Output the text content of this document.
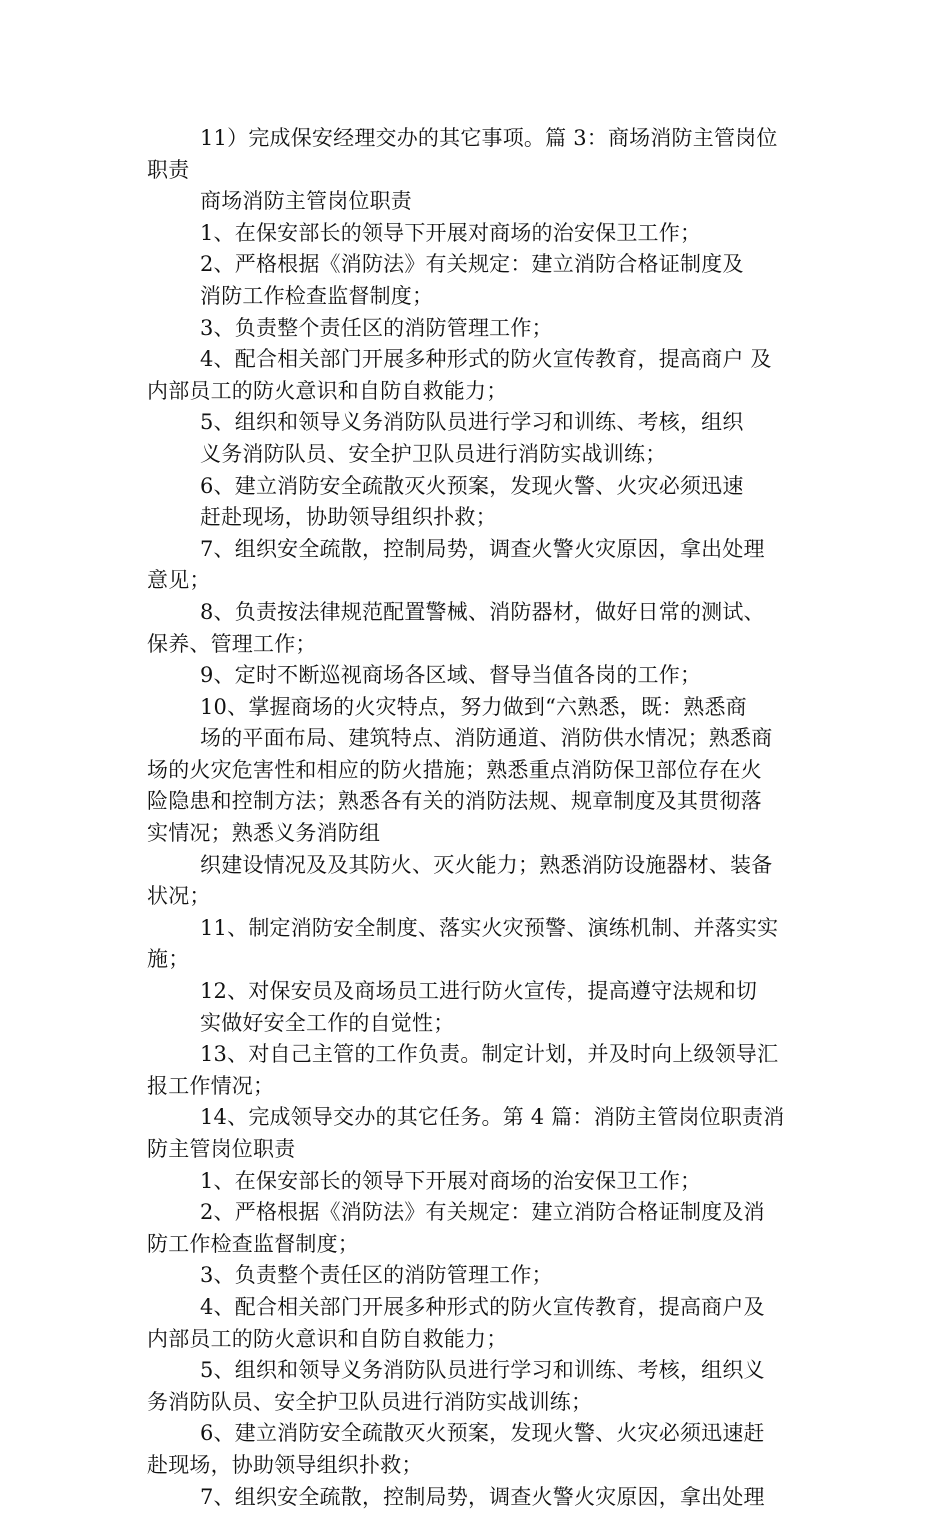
11）完成保安经理交办的其它事项。篇 3：商场消防主管岗位
职责
商场消防主管岗位职责
1、在保安部长的领导下开展对商场的治安保卫工作；
2、严格根据《消防法》有关规定：建立消防合格证制度及
消防工作检查监督制度；
3、负责整个责任区的消防管理工作；
4、配合相关部门开展多种形式的防火宣传教育，提高商户 及
内部员工的防火意识和自防自救能力；
5、组织和领导义务消防队员进行学习和训练、考核，组织
义务消防队员、安全护卫队员进行消防实战训练；
6、建立消防安全疏散灭火预案，发现火警、火灾必须迅速
赶赴现场，协助领导组织扑救；
7、组织安全疏散，控制局势，调查火警火灾原因，拿出处理
意见；
8、负责按法律规范配置警械、消防器材，做好日常的测试、
保养、管理工作；
9、定时不断巡视商场各区域、督导当值各岗的工作；
10、掌握商场的火灾特点，努力做到“六熟悉，既：熟悉商
场的平面布局、建筑特点、消防通道、消防供水情况；熟悉商
场的火灾危害性和相应的防火措施；熟悉重点消防保卫部位存在火
险隐患和控制方法；熟悉各有关的消防法规、规章制度及其贯彻落
实情况；熟悉义务消防组
织建设情况及及其防火、灭火能力；熟悉消防设施器材、装备
状况；
11、制定消防安全制度、落实火灾预警、演练机制、并落实实
施；
12、对保安员及商场员工进行防火宣传，提高遵守法规和切
实做好安全工作的自觉性；
13、对自己主管的工作负责。制定计划，并及时向上级领导汇
报工作情况；
14、完成领导交办的其它任务。第 4 篇：消防主管岗位职责消
防主管岗位职责
1、在保安部长的领导下开展对商场的治安保卫工作；
2、严格根据《消防法》有关规定：建立消防合格证制度及消
防工作检查监督制度；
3、负责整个责任区的消防管理工作；
4、配合相关部门开展多种形式的防火宣传教育，提高商户及
内部员工的防火意识和自防自救能力；
5、组织和领导义务消防队员进行学习和训练、考核，组织义
务消防队员、安全护卫队员进行消防实战训练；
6、建立消防安全疏散灭火预案，发现火警、火灾必须迅速赶
赴现场，协助领导组织扑救；
7、组织安全疏散，控制局势，调查火警火灾原因，拿出处理
